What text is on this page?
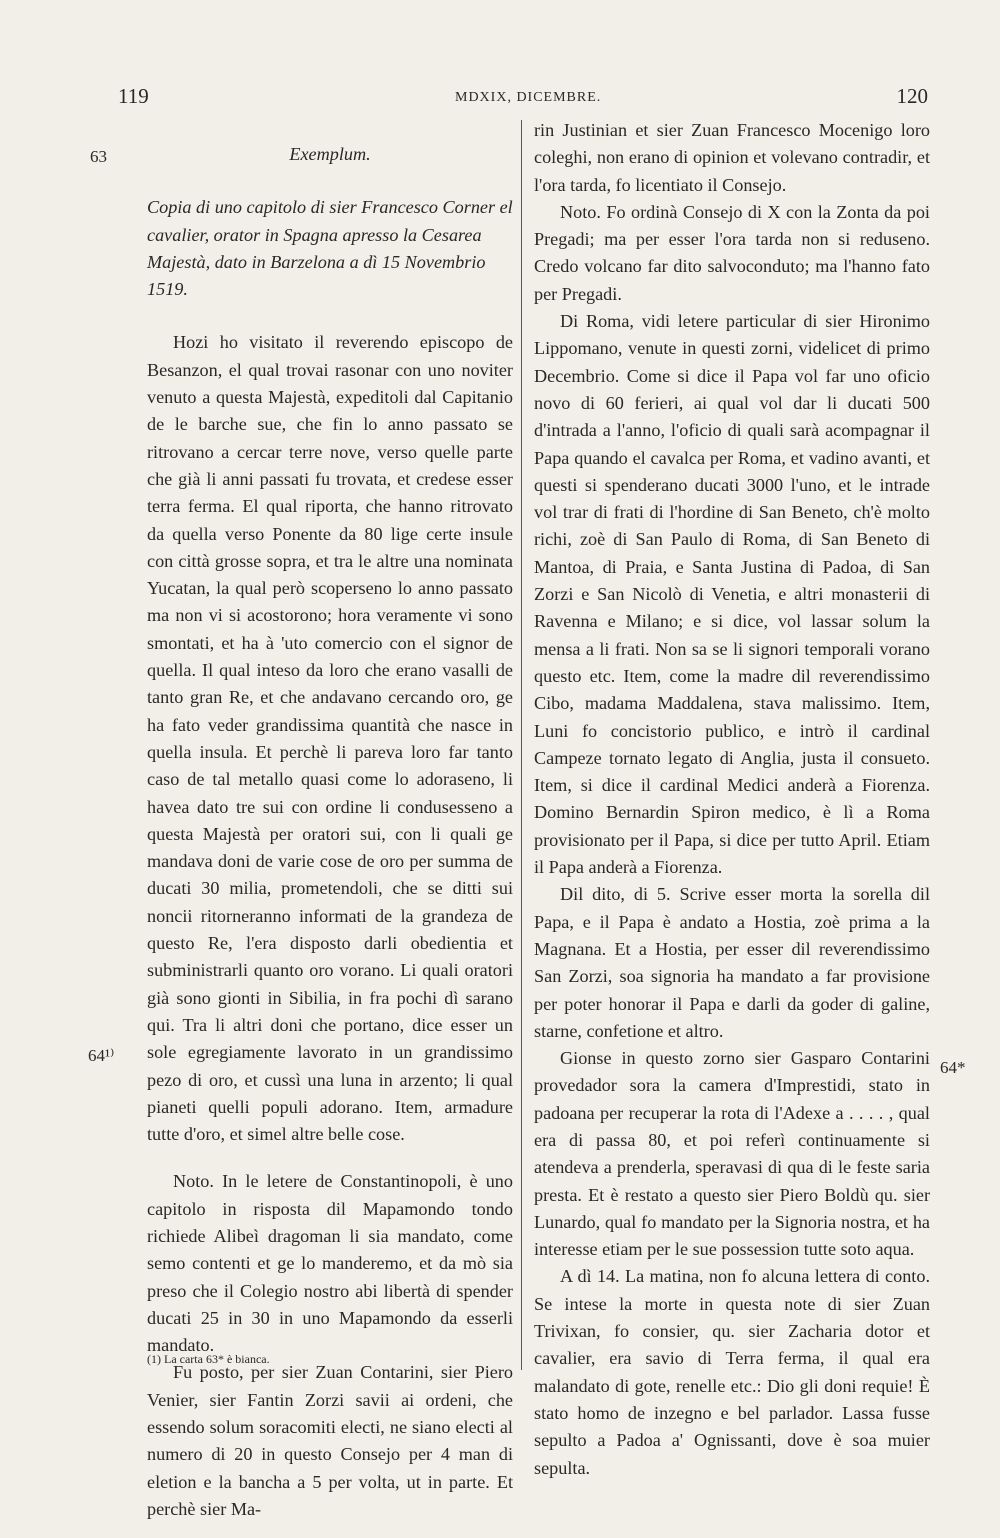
119	MDXIX, DICEMBRE.	120
63
64¹⁾
64*

Exemplum.

Copia di uno capitolo di sier Francesco Corner el cavalier, orator in Spagna apresso la Cesarea Majestà, dato in Barzelona a dì 15 Novembrio 1519.

Hozi ho visitato il reverendo episcopo de Besanzon, el qual trovai rasonar con uno noviter venuto a questa Majestà, expeditoli dal Capitanio de le barche sue, che fin lo anno passato se ritrovano a cercar terre nove, verso quelle parte che già li anni passati fu trovata, et credese esser terra ferma. El qual riporta, che hanno ritrovato da quella verso Ponente da 80 lige certe insule con città grosse sopra, et tra le altre una nominata Yucatan, la qual però scoperseno lo anno passato ma non vi si acostorono; hora veramente vi sono smontati, et ha à 'uto comercio con el signor de quella. Il qual inteso da loro che erano vasalli de tanto gran Re, et che andavano cercando oro, ge ha fato veder grandissima quantità che nasce in quella insula. Et perchè li pareva loro far tanto caso de tal metallo quasi come lo adoraseno, li havea dato tre sui con ordine li condusesseno a questa Majestà per oratori sui, con li quali ge mandava doni de varie cose de oro per summa de ducati 30 milia, prometendoli, che se ditti sui noncii ritorneranno informati de la grandeza de questo Re, l'era disposto darli obedientia et subministrarli quanto oro vorano. Li quali oratori già sono gionti in Sibilia, in fra pochi dì sarano qui. Tra li altri doni che portano, dice esser un sole egregiamente lavorato in un grandissimo pezo di oro, et cussì una luna in arzento; li qual pianeti quelli populi adorano. Item, armadure tutte d'oro, et simel altre belle cose.

Noto. In le letere de Constantinopoli, è uno capitolo in risposta dil Mapamondo tondo richiede Alibeì dragoman li sia mandato, come semo contenti et ge lo manderemo, et da mò sia preso che il Colegio nostro abi libertà di spender ducati 25 in 30 in uno Mapamondo da esserli mandato.

Fu posto, per sier Zuan Contarini, sier Piero Venier, sier Fantin Zorzi savii ai ordeni, che essendo solum soracomiti electi, ne siano electi al numero di 20 in questo Consejo per 4 man di eletion e la bancha a 5 per volta, ut in parte. Et perchè sier Ma-

(1) La carta 63* è bianca.

rin Justinian et sier Zuan Francesco Mocenigo loro coleghi, non erano di opinion et volevano contradir, et l'ora tarda, fo licentiato il Consejo.

Noto. Fo ordinà Consejo di X con la Zonta da poi Pregadi; ma per esser l'ora tarda non si reduseno. Credo volcano far dito salvoconduto; ma l'hanno fato per Pregadi.

Di Roma, vidi letere particular di sier Hironimo Lippomano, venute in questi zorni, videlicet di primo Decembrio. Come si dice il Papa vol far uno oficio novo di 60 ferieri, ai qual vol dar li ducati 500 d'intrada a l'anno, l'oficio di quali sarà acompagnar il Papa quando el cavalca per Roma, et vadino avanti, et questi si spenderano ducati 3000 l'uno, et le intrade vol trar di frati di l'hordine di San Beneto, ch'è molto richi, zoè di San Paulo di Roma, di San Beneto di Mantoa, di Praia, e Santa Justina di Padoa, di San Zorzi e San Nicolò di Venetia, e altri monasterii di Ravenna e Milano; e si dice, vol lassar solum la mensa a li frati. Non sa se li signori temporali vorano questo etc. Item, come la madre dil reverendissimo Cibo, madama Maddalena, stava malissimo. Item, Luni fo concistorio publico, e intrò il cardinal Campeze tornato legato di Anglia, justa il consueto. Item, si dice il cardinal Medici anderà a Fiorenza. Domino Bernardin Spiron medico, è lì a Roma provisionato per il Papa, si dice per tutto April. Etiam il Papa anderà a Fiorenza.

Dil dito, di 5. Scrive esser morta la sorella dil Papa, e il Papa è andato a Hostia, zoè prima a la Magnana. Et a Hostia, per esser dil reverendissimo San Zorzi, soa signoria ha mandato a far provisione per poter honorar il Papa e darli da goder di galine, starne, confetione et altro.

Gionse in questo zorno sier Gasparo Contarini provedador sora la camera d'Imprestidi, stato in padoana per recuperar la rota di l'Adexe a . . . . , qual era di passa 80, et poi referì continuamente si atendeva a prenderla, speravasi di qua di le feste saria presta. Et è restato a questo sier Piero Boldù qu. sier Lunardo, qual fo mandato per la Signoria nostra, et ha interesse etiam per le sue possession tutte soto aqua.

A dì 14. La matina, non fo alcuna lettera di conto. Se intese la morte in questa note di sier Zuan Trivixan, fo consier, qu. sier Zacharia dotor et cavalier, era savio di Terra ferma, il qual era malandato di gote, renelle etc.: Dio gli doni requie! È stato homo de inzegno e bel parlador. Lassa fusse sepulto a Padoa a' Ognissanti, dove è soa muier sepulta.
